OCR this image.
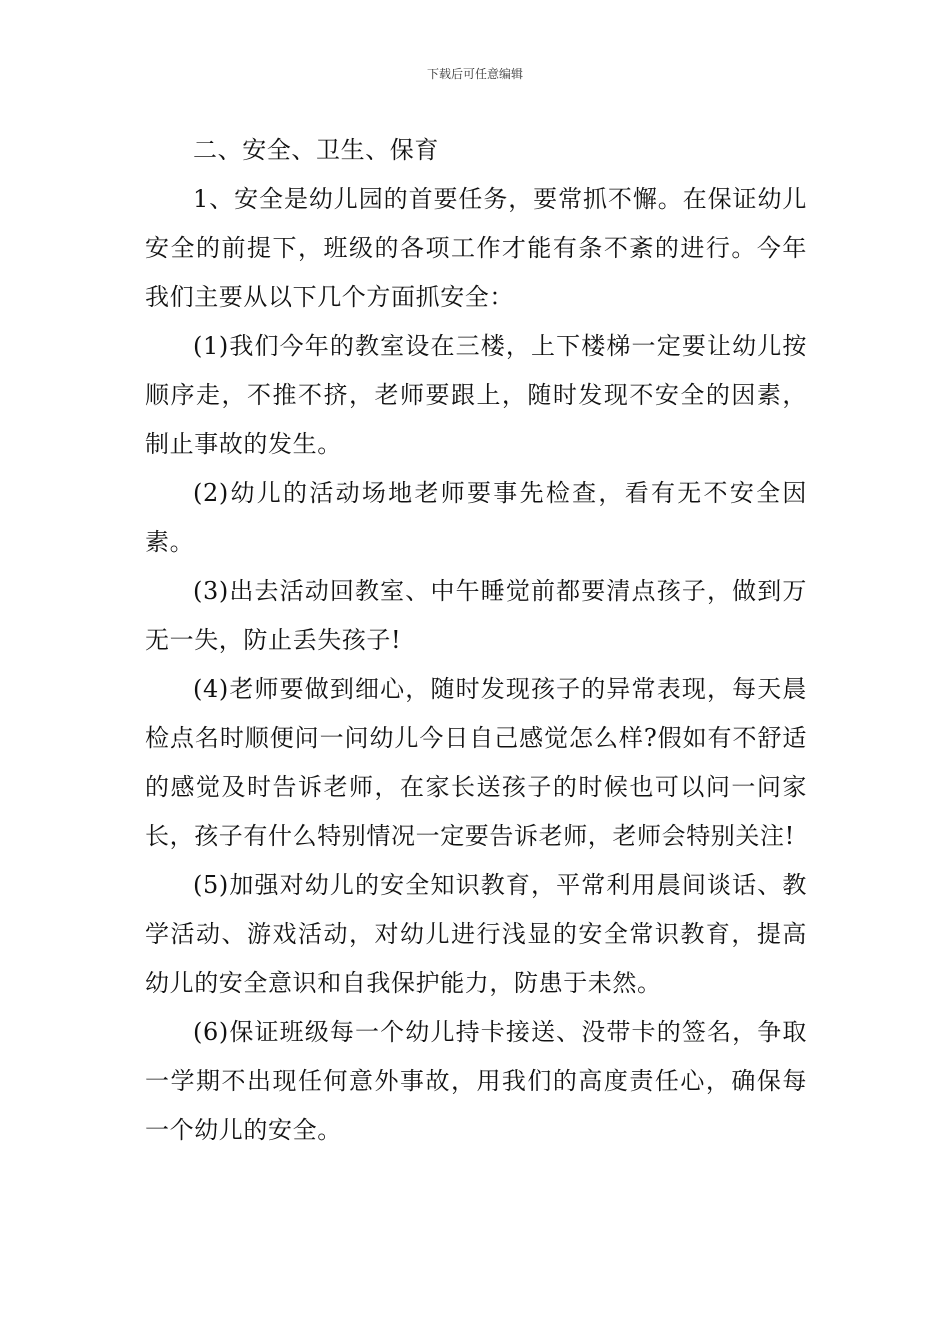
下载后可任意编辑

二、安全、卫生、保育

1、安全是幼儿园的首要任务，要常抓不懈。在保证幼儿安全的前提下，班级的各项工作才能有条不紊的进行。今年我们主要从以下几个方面抓安全：

(1)我们今年的教室设在三楼，上下楼梯一定要让幼儿按顺序走，不推不挤，老师要跟上，随时发现不安全的因素，制止事故的发生。

(2)幼儿的活动场地老师要事先检查，看有无不安全因素。

(3)出去活动回教室、中午睡觉前都要清点孩子，做到万无一失，防止丢失孩子!

(4)老师要做到细心，随时发现孩子的异常表现，每天晨检点名时顺便问一问幼儿今日自己感觉怎么样?假如有不舒适的感觉及时告诉老师，在家长送孩子的时候也可以问一问家长，孩子有什么特别情况一定要告诉老师，老师会特别关注!

(5)加强对幼儿的安全知识教育，平常利用晨间谈话、教学活动、游戏活动，对幼儿进行浅显的安全常识教育，提高幼儿的安全意识和自我保护能力，防患于未然。

(6)保证班级每一个幼儿持卡接送、没带卡的签名，争取一学期不出现任何意外事故，用我们的高度责任心，确保每一个幼儿的安全。
